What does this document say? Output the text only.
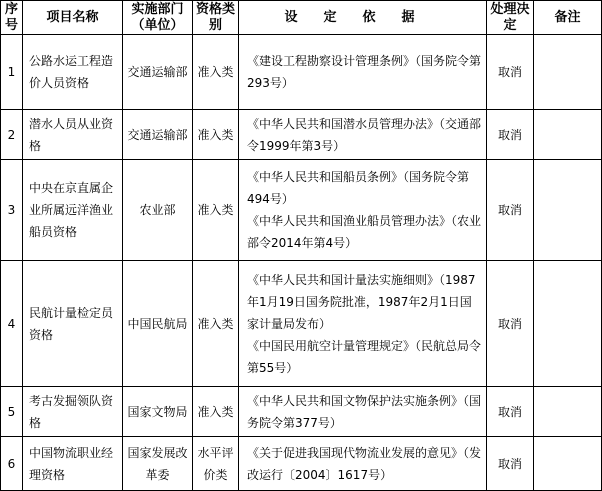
序号	项目名称	实施部门（单位）	资格类别	设定依据	处理决定	备注
1	公路水运工程造价人员资格	交通运输部	准入类	《建设工程勘察设计管理条例》（国务院令第293号）	取消	
2	潜水人员从业资格	交通运输部	准入类	《中华人民共和国潜水员管理办法》（交通部令1999年第3号）	取消	
3	中央在京直属企业所属远洋渔业船员资格	农业部	准入类	《中华人民共和国船员条例》（国务院令第494号）
《中华人民共和国渔业船员管理办法》（农业部令2014年第4号）	取消	
4	民航计量检定员资格	中国民航局	准入类	《中华人民共和国计量法实施细则》（1987年1月19日国务院批准，1987年2月1日国家计量局发布）
《中国民用航空计量管理规定》（民航总局令第55号）	取消	
5	考古发掘领队资格	国家文物局	准入类	《中华人民共和国文物保护法实施条例》（国务院令第377号）	取消	
6	中国物流职业经理资格	国家发展改革委	水平评价类	《关于促进我国现代物流业发展的意见》（发改运行〔2004〕1617号）	取消	
